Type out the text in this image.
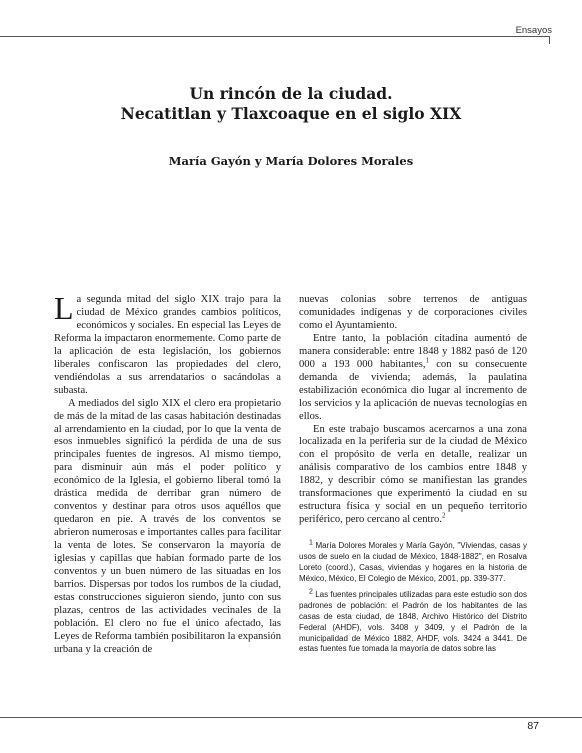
Ensayos
Un rincón de la ciudad.
Necatitlan y Tlaxcoaque en el siglo XIX
María Gayón y María Dolores Morales

La segunda mitad del siglo XIX trajo para la ciudad de México grandes cambios políticos, económicos y sociales. En especial las Leyes de Reforma la impactaron enormemente. Como parte de la aplicación de esta legislación, los gobiernos liberales confiscaron las propiedades del clero, vendiéndolas a sus arrendatarios o sacándolas a subasta.

A mediados del siglo XIX el clero era propietario de más de la mitad de las casas habitación destinadas al arrendamiento en la ciudad, por lo que la venta de esos inmuebles significó la pérdida de una de sus principales fuentes de ingresos. Al mismo tiempo, para disminuir aún más el poder político y económico de la Iglesia, el gobierno liberal tomó la drástica medida de derribar gran número de conventos y destinar para otros usos aquéllos que quedaron en pie. A través de los conventos se abrieron numerosas e importantes calles para facilitar la venta de lotes. Se conservaron la mayoría de iglesias y capillas que habían formado parte de los conventos y un buen número de las situadas en los barrios. Dispersas por todos los rumbos de la ciudad, estas construcciones siguieron siendo, junto con sus plazas, centros de las actividades vecinales de la población. El clero no fue el único afectado, las Leyes de Reforma también posibilitaron la expansión urbana y la creación de

nuevas colonias sobre terrenos de antiguas comunidades indígenas y de corporaciones civiles como el Ayuntamiento.

Entre tanto, la población citadina aumentó de manera considerable: entre 1848 y 1882 pasó de 120 000 a 193 000 habitantes,$^1$ con su consecuente demanda de vivienda; además, la paulatina estabilización económica dio lugar al incremento de los servicios y la aplicación de nuevas tecnologías en ellos.

En este trabajo buscamos acercarnos a una zona localizada en la periferia sur de la ciudad de México con el propósito de verla en detalle, realizar un análisis comparativo de los cambios entre 1848 y 1882, y describir cómo se manifiestan las grandes transformaciones que experimentó la ciudad en su estructura física y social en un pequeño territorio periférico, pero cercano al centro.$^2$

$^1$ María Dolores Morales y María Gayón, "Viviendas, casas y usos de suelo en la ciudad de México, 1848-1882", en Rosalva Loreto (coord.), Casas, viviendas y hogares en la historia de México, México, El Colegio de México, 2001, pp. 339-377.

$^2$ Las fuentes principales utilizadas para este estudio son dos padrones de población: el Padrón de los habitantes de las casas de esta ciudad, de 1848, Archivo Histórico del Distrito Federal (AHDF), vols. 3408 y 3409, y el Padrón de la municipalidad de México 1882, AHDF, vols. 3424 a 3441. De estas fuentes fue tomada la mayoría de datos sobre las

87
